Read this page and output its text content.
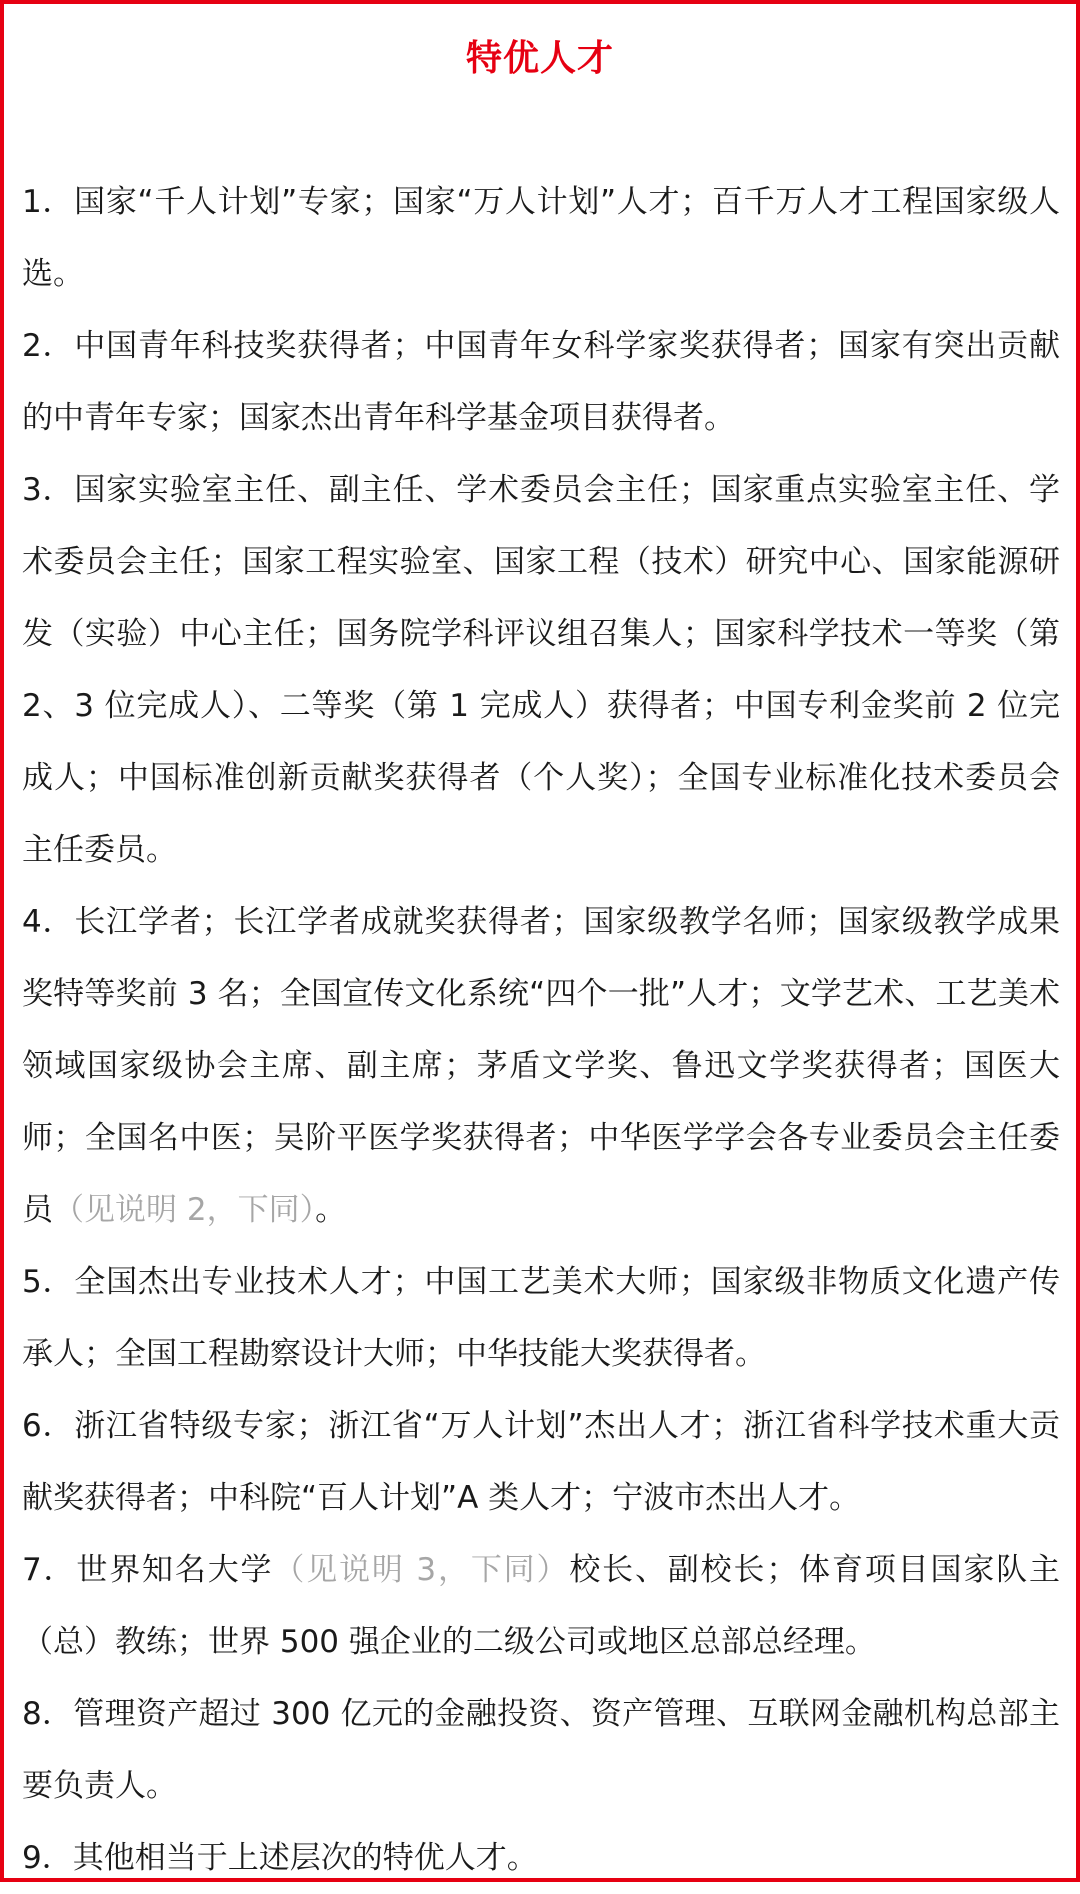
特优人才

1．国家“千人计划”专家；国家“万人计划”人才；百千万人才工程国家级人选。

2．中国青年科技奖获得者；中国青年女科学家奖获得者；国家有突出贡献的中青年专家；国家杰出青年科学基金项目获得者。

3．国家实验室主任、副主任、学术委员会主任；国家重点实验室主任、学术委员会主任；国家工程实验室、国家工程（技术）研究中心、国家能源研发（实验）中心主任；国务院学科评议组召集人；国家科学技术一等奖（第 2、3 位完成人）、二等奖（第 1 完成人）获得者；中国专利金奖前 2 位完成人；中国标准创新贡献奖获得者（个人奖）；全国专业标准化技术委员会主任委员。

4．长江学者；长江学者成就奖获得者；国家级教学名师；国家级教学成果奖特等奖前 3 名；全国宣传文化系统“四个一批”人才；文学艺术、工艺美术领域国家级协会主席、副主席；茅盾文学奖、鲁迅文学奖获得者；国医大师；全国名中医；吴阶平医学奖获得者；中华医学学会各专业委员会主任委员（见说明 2，下同）。

5．全国杰出专业技术人才；中国工艺美术大师；国家级非物质文化遗产传承人；全国工程勘察设计大师；中华技能大奖获得者。

6．浙江省特级专家；浙江省“万人计划”杰出人才；浙江省科学技术重大贡献奖获得者；中科院“百人计划”A 类人才；宁波市杰出人才。

7．世界知名大学（见说明 3，下同）校长、副校长；体育项目国家队主（总）教练；世界 500 强企业的二级公司或地区总部总经理。

8．管理资产超过 300 亿元的金融投资、资产管理、互联网金融机构总部主要负责人。

9．其他相当于上述层次的特优人才。
